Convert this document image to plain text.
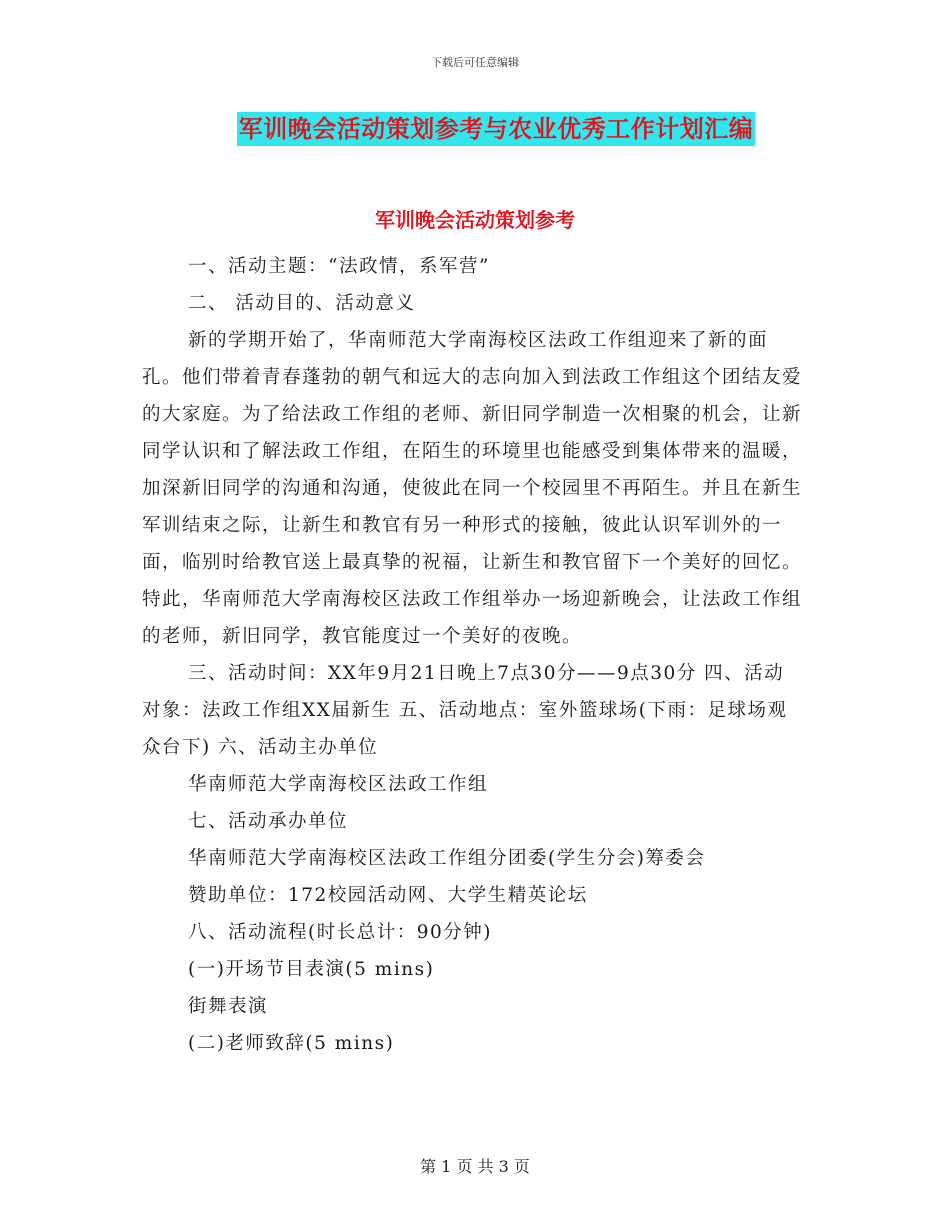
下载后可任意编辑
军训晚会活动策划参考与农业优秀工作计划汇编
军训晚会活动策划参考

一、活动主题：“法政情，系军营”

二、 活动目的、活动意义

新的学期开始了，华南师范大学南海校区法政工作组迎来了新的面孔。他们带着青春蓬勃的朝气和远大的志向加入到法政工作组这个团结友爱的大家庭。为了给法政工作组的老师、新旧同学制造一次相聚的机会，让新同学认识和了解法政工作组，在陌生的环境里也能感受到集体带来的温暖，加深新旧同学的沟通和沟通，使彼此在同一个校园里不再陌生。并且在新生军训结束之际，让新生和教官有另一种形式的接触，彼此认识军训外的一面，临别时给教官送上最真挚的祝福，让新生和教官留下一个美好的回忆。特此，华南师范大学南海校区法政工作组举办一场迎新晚会，让法政工作组的老师，新旧同学，教官能度过一个美好的夜晚。

三、活动时间：XX年9月21日晚上7点30分——9点30分 四、活动对象：法政工作组XX届新生 五、活动地点：室外篮球场(下雨：足球场观众台下) 六、活动主办单位

华南师范大学南海校区法政工作组

七、活动承办单位

华南师范大学南海校区法政工作组分团委(学生分会)筹委会

赞助单位：172校园活动网、大学生精英论坛

八、活动流程(时长总计：90分钟)

(一)开场节目表演(5 mins)

街舞表演

(二)老师致辞(5 mins)

第 1 页 共 3 页
